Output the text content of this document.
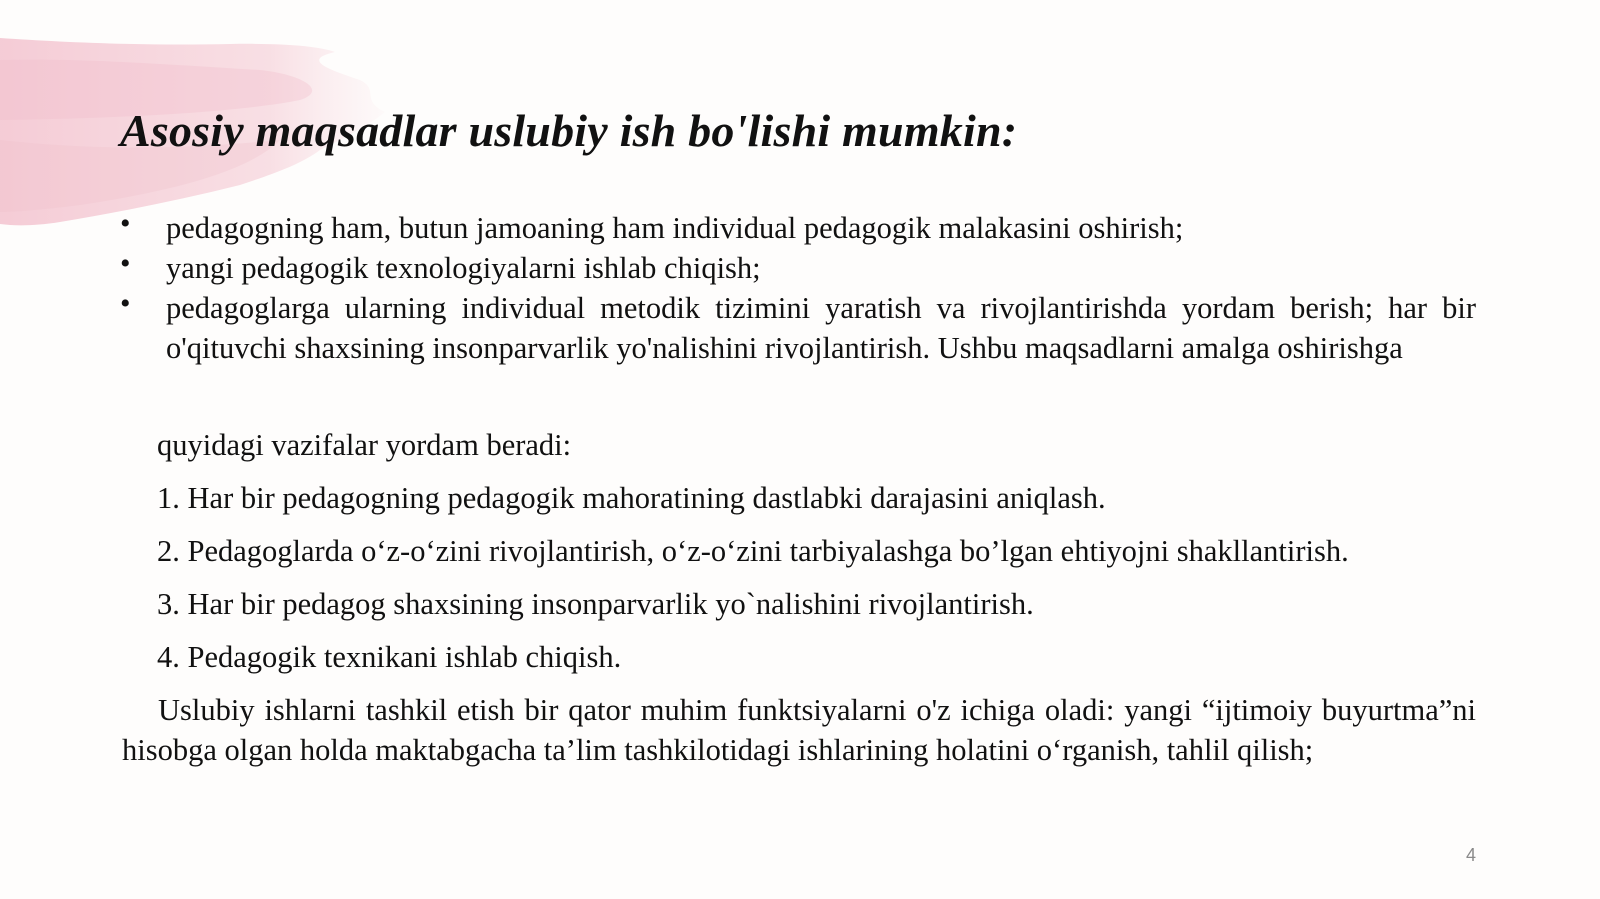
Asosiy maqsadlar uslubiy ish bo'lishi mumkin:
• pedagogning ham, butun jamoaning ham individual pedagogik malakasini oshirish;
• yangi pedagogik texnologiyalarni ishlab chiqish;
• pedagoglarga ularning individual metodik tizimini yaratish va rivojlantirishda yordam berish; har bir o'qituvchi shaxsining insonparvarlik yo'nalishini rivojlantirish. Ushbu maqsadlarni amalga oshirishga

quyidagi vazifalar yordam beradi:

1. Har bir pedagogning pedagogik mahoratining dastlabki darajasini aniqlash.

2. Pedagoglarda o‘z-o‘zini rivojlantirish, o‘z-o‘zini tarbiyalashga bo’lgan ehtiyojni shakllantirish.

3. Har bir pedagog shaxsining insonparvarlik yo`nalishini rivojlantirish.

4. Pedagogik texnikani ishlab chiqish.

Uslubiy ishlarni tashkil etish bir qator muhim funktsiyalarni o'z ichiga oladi: yangi “ijtimoiy buyurtma”ni hisobga olgan holda maktabgacha ta’lim tashkilotidagi ishlarining holatini o‘rganish, tahlil qilish;

4
